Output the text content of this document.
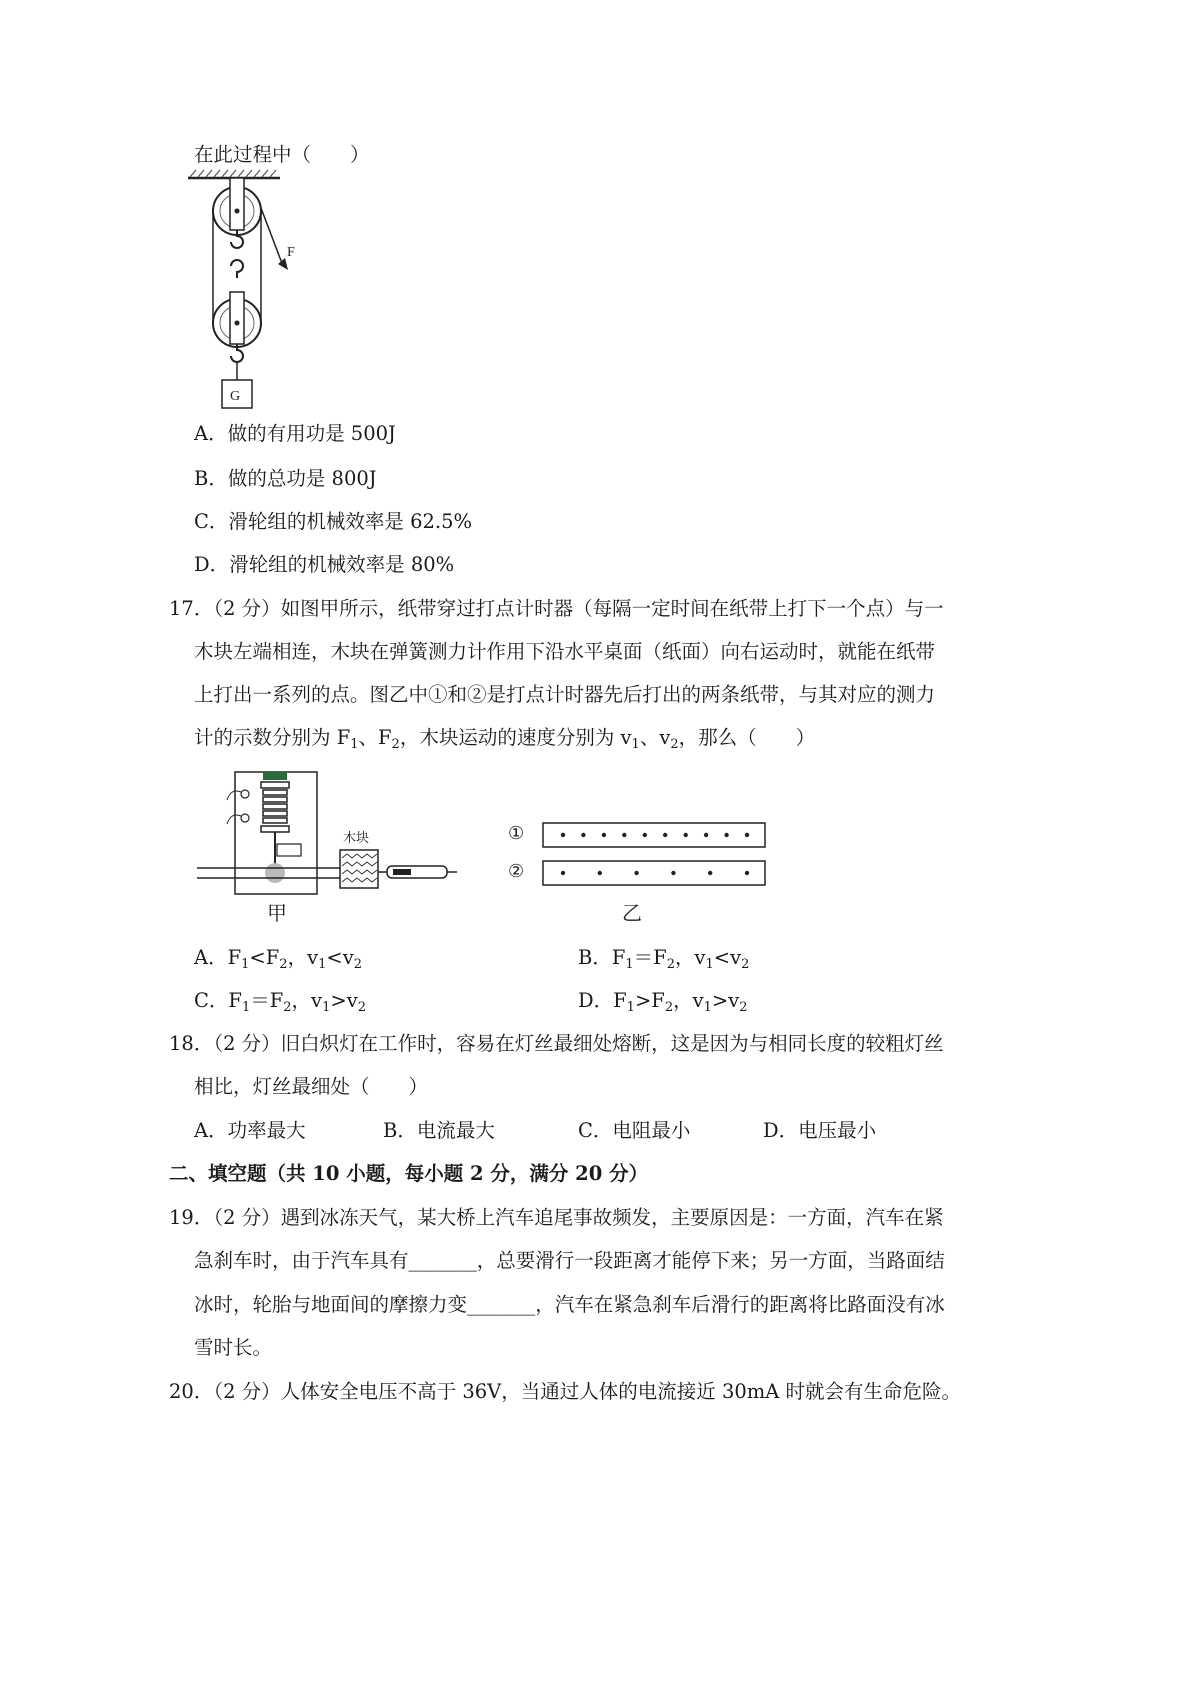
在此过程中（　　）
F
G
A．做的有用功是 500J
B．做的总功是 800J
C．滑轮组的机械效率是 62.5%
D．滑轮组的机械效率是 80%
17．（2 分）如图甲所示，纸带穿过打点计时器（每隔一定时间在纸带上打下一个点）与一
木块左端相连，木块在弹簧测力计作用下沿水平桌面（纸面）向右运动时，就能在纸带
上打出一系列的点。图乙中①和②是打点计时器先后打出的两条纸带，与其对应的测力
计的示数分别为 $F_1$、$F_2$，木块运动的速度分别为 $v_1$、$v_2$，那么（　　）
木块
甲
①
②
乙
A．$F_1<F_2$，$v_1<v_2$	B．$F_1=F_2$，$v_1<v_2$
C．$F_1=F_2$，$v_1>v_2$	D．$F_1>F_2$，$v_1>v_2$
18．（2 分）旧白炽灯在工作时，容易在灯丝最细处熔断，这是因为与相同长度的较粗灯丝
相比，灯丝最细处（　　）
A．功率最大	B．电流最大	C．电阻最小	D．电压最小
二、填空题（共 10 小题，每小题 2 分，满分 20 分）
19．（2 分）遇到冰冻天气，某大桥上汽车追尾事故频发，主要原因是：一方面，汽车在紧
急刹车时，由于汽车具有_______，总要滑行一段距离才能停下来；另一方面，当路面结
冰时，轮胎与地面间的摩擦力变_______，汽车在紧急刹车后滑行的距离将比路面没有冰
雪时长。
20．（2 分）人体安全电压不高于 36V，当通过人体的电流接近 30mA 时就会有生命危险。
